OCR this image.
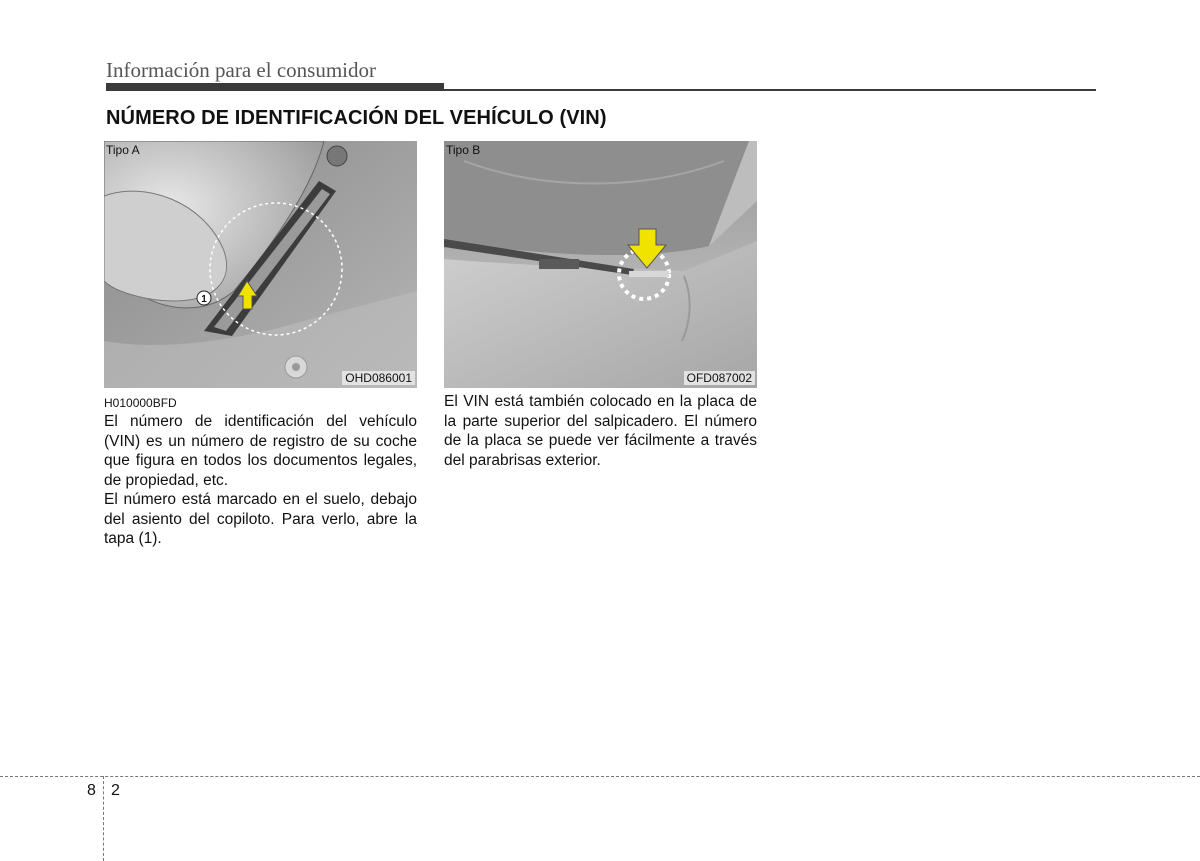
Información para el consumidor
NÚMERO DE IDENTIFICACIÓN DEL VEHÍCULO (VIN)
1
Tipo A
OHD086001
Tipo B
OFD087002
H010000BFD

El número de identificación del vehículo (VIN) es un número de registro de su coche que figura en todos los documentos legales, de propiedad, etc.

El número está marcado en el suelo, debajo del asiento del copiloto. Para verlo, abre la tapa (1).

El VIN está también colocado en la placa de la parte superior del salpicadero. El número de la placa se puede ver fácilmente a través del parabrisas exterior.

8 2
